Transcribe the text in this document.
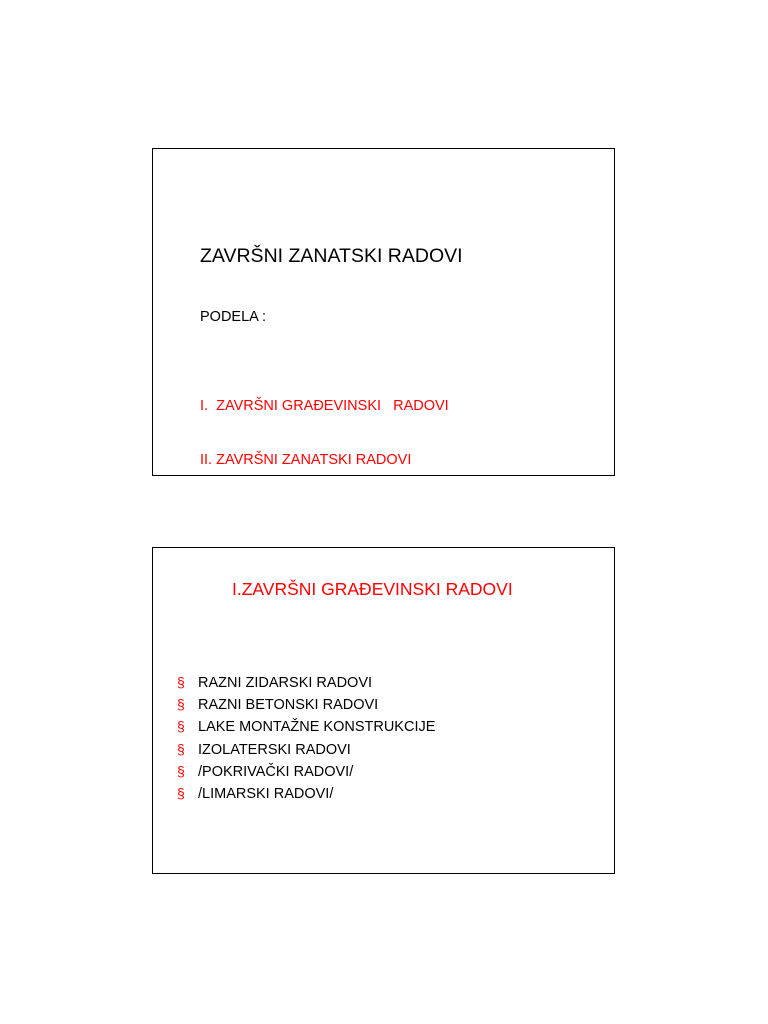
ZAVRŠNI ZANATSKI RADOVI
PODELA :

I.  ZAVRŠNI GRAĐEVINSKI   RADOVI

II. ZAVRŠNI ZANATSKI RADOVI

I.ZAVRŠNI GRAĐEVINSKI RADOVI
§ RAZNI ZIDARSKI RADOVI
§ RAZNI BETONSKI RADOVI
§ LAKE MONTAŽNE KONSTRUKCIJE
§ IZOLATERSKI RADOVI
§ /POKRIVAČKI RADOVI/
§ /LIMARSKI RADOVI/
